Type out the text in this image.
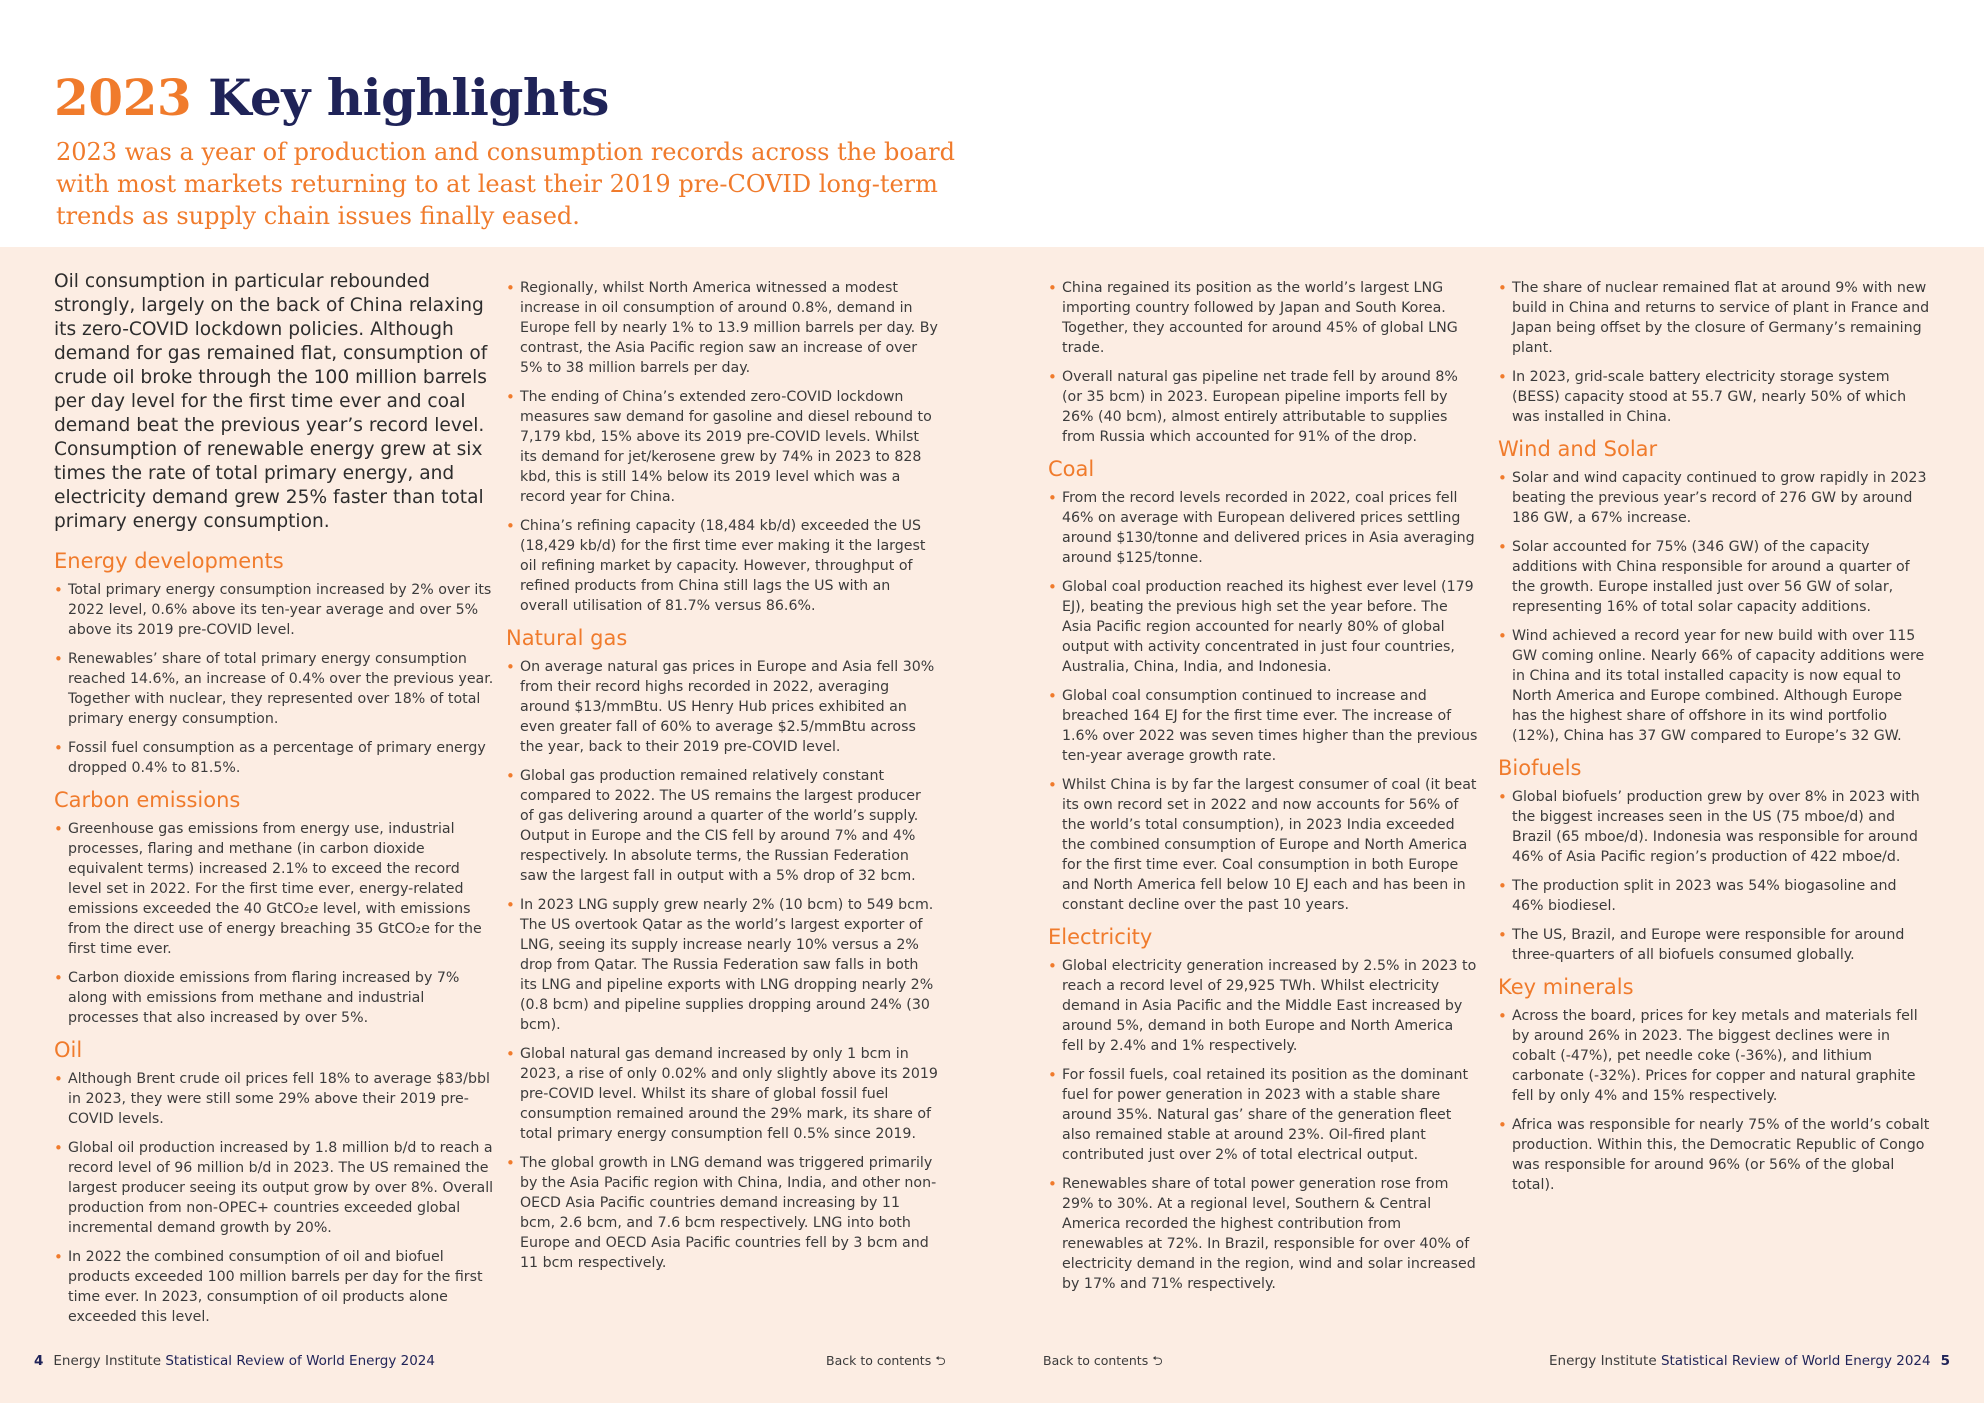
2023 Key highlights
2023 was a year of production and consumption records across the board with most markets returning to at least their 2019 pre-COVID long-term trends as supply chain issues finally eased.

Oil consumption in particular rebounded strongly, largely on the back of China relaxing its zero-COVID lockdown policies. Although demand for gas remained flat, consumption of crude oil broke through the 100 million barrels per day level for the first time ever and coal demand beat the previous year’s record level. Consumption of renewable energy grew at six times the rate of total primary energy, and electricity demand grew 25% faster than total primary energy consumption.

Energy developments
• Total primary energy consumption increased by 2% over its 2022 level, 0.6% above its ten-year average and over 5% above its 2019 pre-COVID level.
• Renewables’ share of total primary energy consumption reached 14.6%, an increase of 0.4% over the previous year. Together with nuclear, they represented over 18% of total primary energy consumption.
• Fossil fuel consumption as a percentage of primary energy dropped 0.4% to 81.5%.
Carbon emissions
• Greenhouse gas emissions from energy use, industrial processes, flaring and methane (in carbon dioxide equivalent terms) increased 2.1% to exceed the record level set in 2022. For the first time ever, energy-related emissions exceeded the 40 GtCO₂e level, with emissions from the direct use of energy breaching 35 GtCO₂e for the first time ever.
• Carbon dioxide emissions from flaring increased by 7% along with emissions from methane and industrial processes that also increased by over 5%.
Oil
• Although Brent crude oil prices fell 18% to average $83/bbl in 2023, they were still some 29% above their 2019 pre-COVID levels.
• Global oil production increased by 1.8 million b/d to reach a record level of 96 million b/d in 2023. The US remained the largest producer seeing its output grow by over 8%. Overall production from non-OPEC+ countries exceeded global incremental demand growth by 20%.
• In 2022 the combined consumption of oil and biofuel products exceeded 100 million barrels per day for the first time ever. In 2023, consumption of oil products alone exceeded this level.
• Regionally, whilst North America witnessed a modest increase in oil consumption of around 0.8%, demand in Europe fell by nearly 1% to 13.9 million barrels per day. By contrast, the Asia Pacific region saw an increase of over 5% to 38 million barrels per day.
• The ending of China’s extended zero-COVID lockdown measures saw demand for gasoline and diesel rebound to 7,179 kbd, 15% above its 2019 pre-COVID levels. Whilst its demand for jet/kerosene grew by 74% in 2023 to 828 kbd, this is still 14% below its 2019 level which was a record year for China.
• China’s refining capacity (18,484 kb/d) exceeded the US (18,429 kb/d) for the first time ever making it the largest oil refining market by capacity. However, throughput of refined products from China still lags the US with an overall utilisation of 81.7% versus 86.6%.
Natural gas
• On average natural gas prices in Europe and Asia fell 30% from their record highs recorded in 2022, averaging around $13/mmBtu. US Henry Hub prices exhibited an even greater fall of 60% to average $2.5/mmBtu across the year, back to their 2019 pre-COVID level.
• Global gas production remained relatively constant compared to 2022. The US remains the largest producer of gas delivering around a quarter of the world’s supply. Output in Europe and the CIS fell by around 7% and 4% respectively. In absolute terms, the Russian Federation saw the largest fall in output with a 5% drop of 32 bcm.
• In 2023 LNG supply grew nearly 2% (10 bcm) to 549 bcm. The US overtook Qatar as the world’s largest exporter of LNG, seeing its supply increase nearly 10% versus a 2% drop from Qatar. The Russia Federation saw falls in both its LNG and pipeline exports with LNG dropping nearly 2% (0.8 bcm) and pipeline supplies dropping around 24% (30 bcm).
• Global natural gas demand increased by only 1 bcm in 2023, a rise of only 0.02% and only slightly above its 2019 pre-COVID level. Whilst its share of global fossil fuel consumption remained around the 29% mark, its share of total primary energy consumption fell 0.5% since 2019.
• The global growth in LNG demand was triggered primarily by the Asia Pacific region with China, India, and other non-OECD Asia Pacific countries demand increasing by 11 bcm, 2.6 bcm, and 7.6 bcm respectively. LNG into both Europe and OECD Asia Pacific countries fell by 3 bcm and 11 bcm respectively.
• China regained its position as the world’s largest LNG importing country followed by Japan and South Korea. Together, they accounted for around 45% of global LNG trade.
• Overall natural gas pipeline net trade fell by around 8% (or 35 bcm) in 2023. European pipeline imports fell by 26% (40 bcm), almost entirely attributable to supplies from Russia which accounted for 91% of the drop.
Coal
• From the record levels recorded in 2022, coal prices fell 46% on average with European delivered prices settling around $130/tonne and delivered prices in Asia averaging around $125/tonne.
• Global coal production reached its highest ever level (179 EJ), beating the previous high set the year before. The Asia Pacific region accounted for nearly 80% of global output with activity concentrated in just four countries, Australia, China, India, and Indonesia.
• Global coal consumption continued to increase and breached 164 EJ for the first time ever. The increase of 1.6% over 2022 was seven times higher than the previous ten-year average growth rate.
• Whilst China is by far the largest consumer of coal (it beat its own record set in 2022 and now accounts for 56% of the world’s total consumption), in 2023 India exceeded the combined consumption of Europe and North America for the first time ever. Coal consumption in both Europe and North America fell below 10 EJ each and has been in constant decline over the past 10 years.
Electricity
• Global electricity generation increased by 2.5% in 2023 to reach a record level of 29,925 TWh. Whilst electricity demand in Asia Pacific and the Middle East increased by around 5%, demand in both Europe and North America fell by 2.4% and 1% respectively.
• For fossil fuels, coal retained its position as the dominant fuel for power generation in 2023 with a stable share around 35%. Natural gas’ share of the generation fleet also remained stable at around 23%. Oil-fired plant contributed just over 2% of total electrical output.
• Renewables share of total power generation rose from 29% to 30%. At a regional level, Southern & Central America recorded the highest contribution from renewables at 72%. In Brazil, responsible for over 40% of electricity demand in the region, wind and solar increased by 17% and 71% respectively.
• The share of nuclear remained flat at around 9% with new build in China and returns to service of plant in France and Japan being offset by the closure of Germany’s remaining plant.
• In 2023, grid-scale battery electricity storage system (BESS) capacity stood at 55.7 GW, nearly 50% of which was installed in China.
Wind and Solar
• Solar and wind capacity continued to grow rapidly in 2023 beating the previous year’s record of 276 GW by around 186 GW, a 67% increase.
• Solar accounted for 75% (346 GW) of the capacity additions with China responsible for around a quarter of the growth. Europe installed just over 56 GW of solar, representing 16% of total solar capacity additions.
• Wind achieved a record year for new build with over 115 GW coming online. Nearly 66% of capacity additions were in China and its total installed capacity is now equal to North America and Europe combined. Although Europe has the highest share of offshore in its wind portfolio (12%), China has 37 GW compared to Europe’s 32 GW.
Biofuels
• Global biofuels’ production grew by over 8% in 2023 with the biggest increases seen in the US (75 mboe/d) and Brazil (65 mboe/d). Indonesia was responsible for around 46% of Asia Pacific region’s production of 422 mboe/d.
• The production split in 2023 was 54% biogasoline and 46% biodiesel.
• The US, Brazil, and Europe were responsible for around three-quarters of all biofuels consumed globally.
Key minerals
• Across the board, prices for key metals and materials fell by around 26% in 2023. The biggest declines were in cobalt (-47%), pet needle coke (-36%), and lithium carbonate (-32%). Prices for copper and natural graphite fell by only 4% and 15% respectively.
• Africa was responsible for nearly 75% of the world’s cobalt production. Within this, the Democratic Republic of Congo was responsible for around 96% (or 56% of the global total).
4 Energy Institute Statistical Review of World Energy 2024	Back to contents ⮌	Back to contents ⮌	Energy Institute Statistical Review of World Energy 2024 5
